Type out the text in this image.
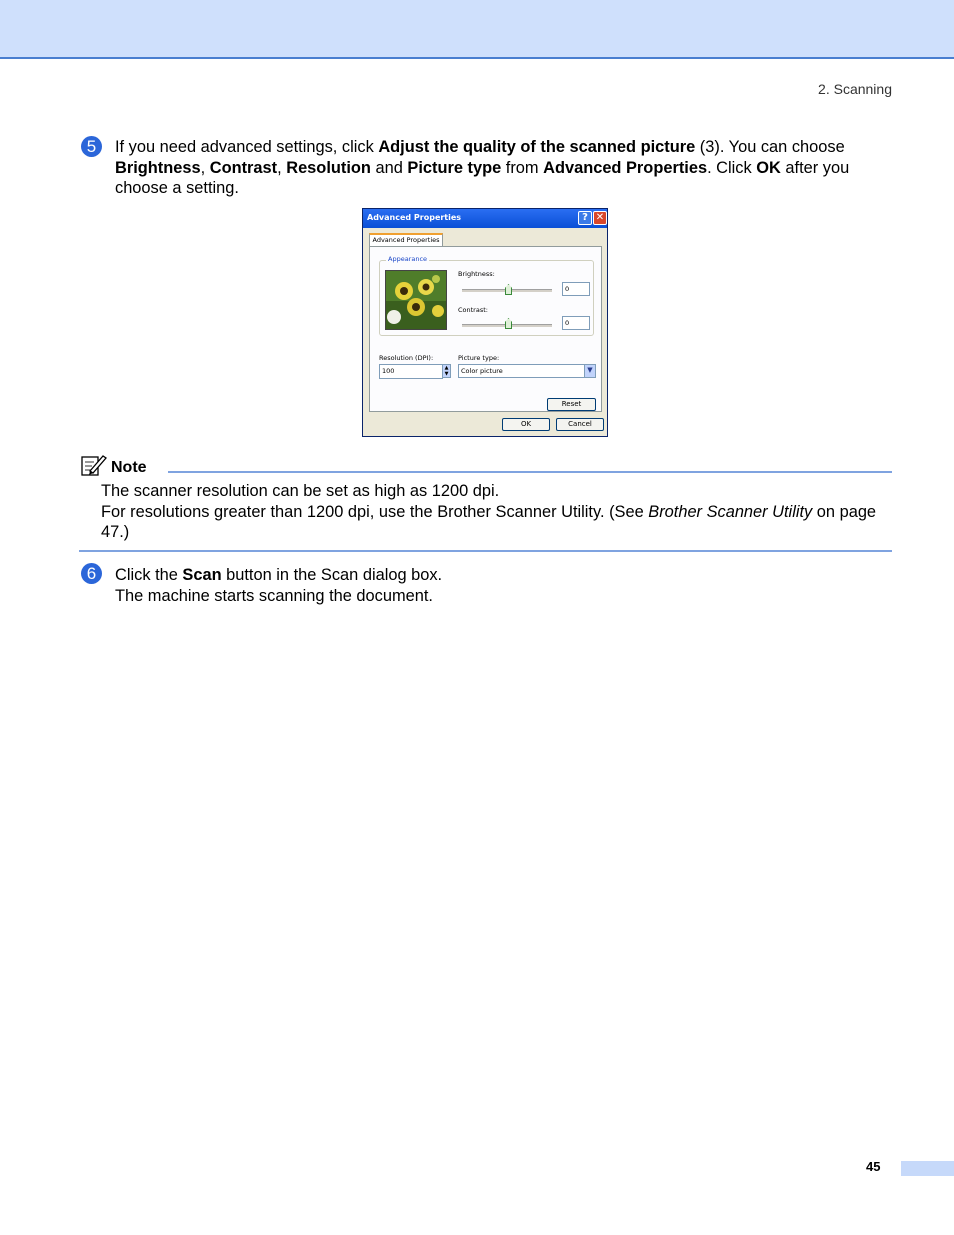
2. Scanning
5	If you need advanced settings, click Adjust the quality of the scanned picture (3). You can choose Brightness, Contrast, Resolution and Picture type from Advanced Properties. Click OK after you choose a setting.
Advanced Properties	? ✕
Advanced Properties
Appearance
Brightness:
0
Contrast:
0
Resolution (DPI):
100	▲
▼
Picture type:
Color picture	▼
Reset
OK	Cancel
Note
The scanner resolution can be set as high as 1200 dpi.
For resolutions greater than 1200 dpi, use the Brother Scanner Utility. (See Brother Scanner Utility on page 47.)
6	Click the Scan button in the Scan dialog box.
The machine starts scanning the document.
45
